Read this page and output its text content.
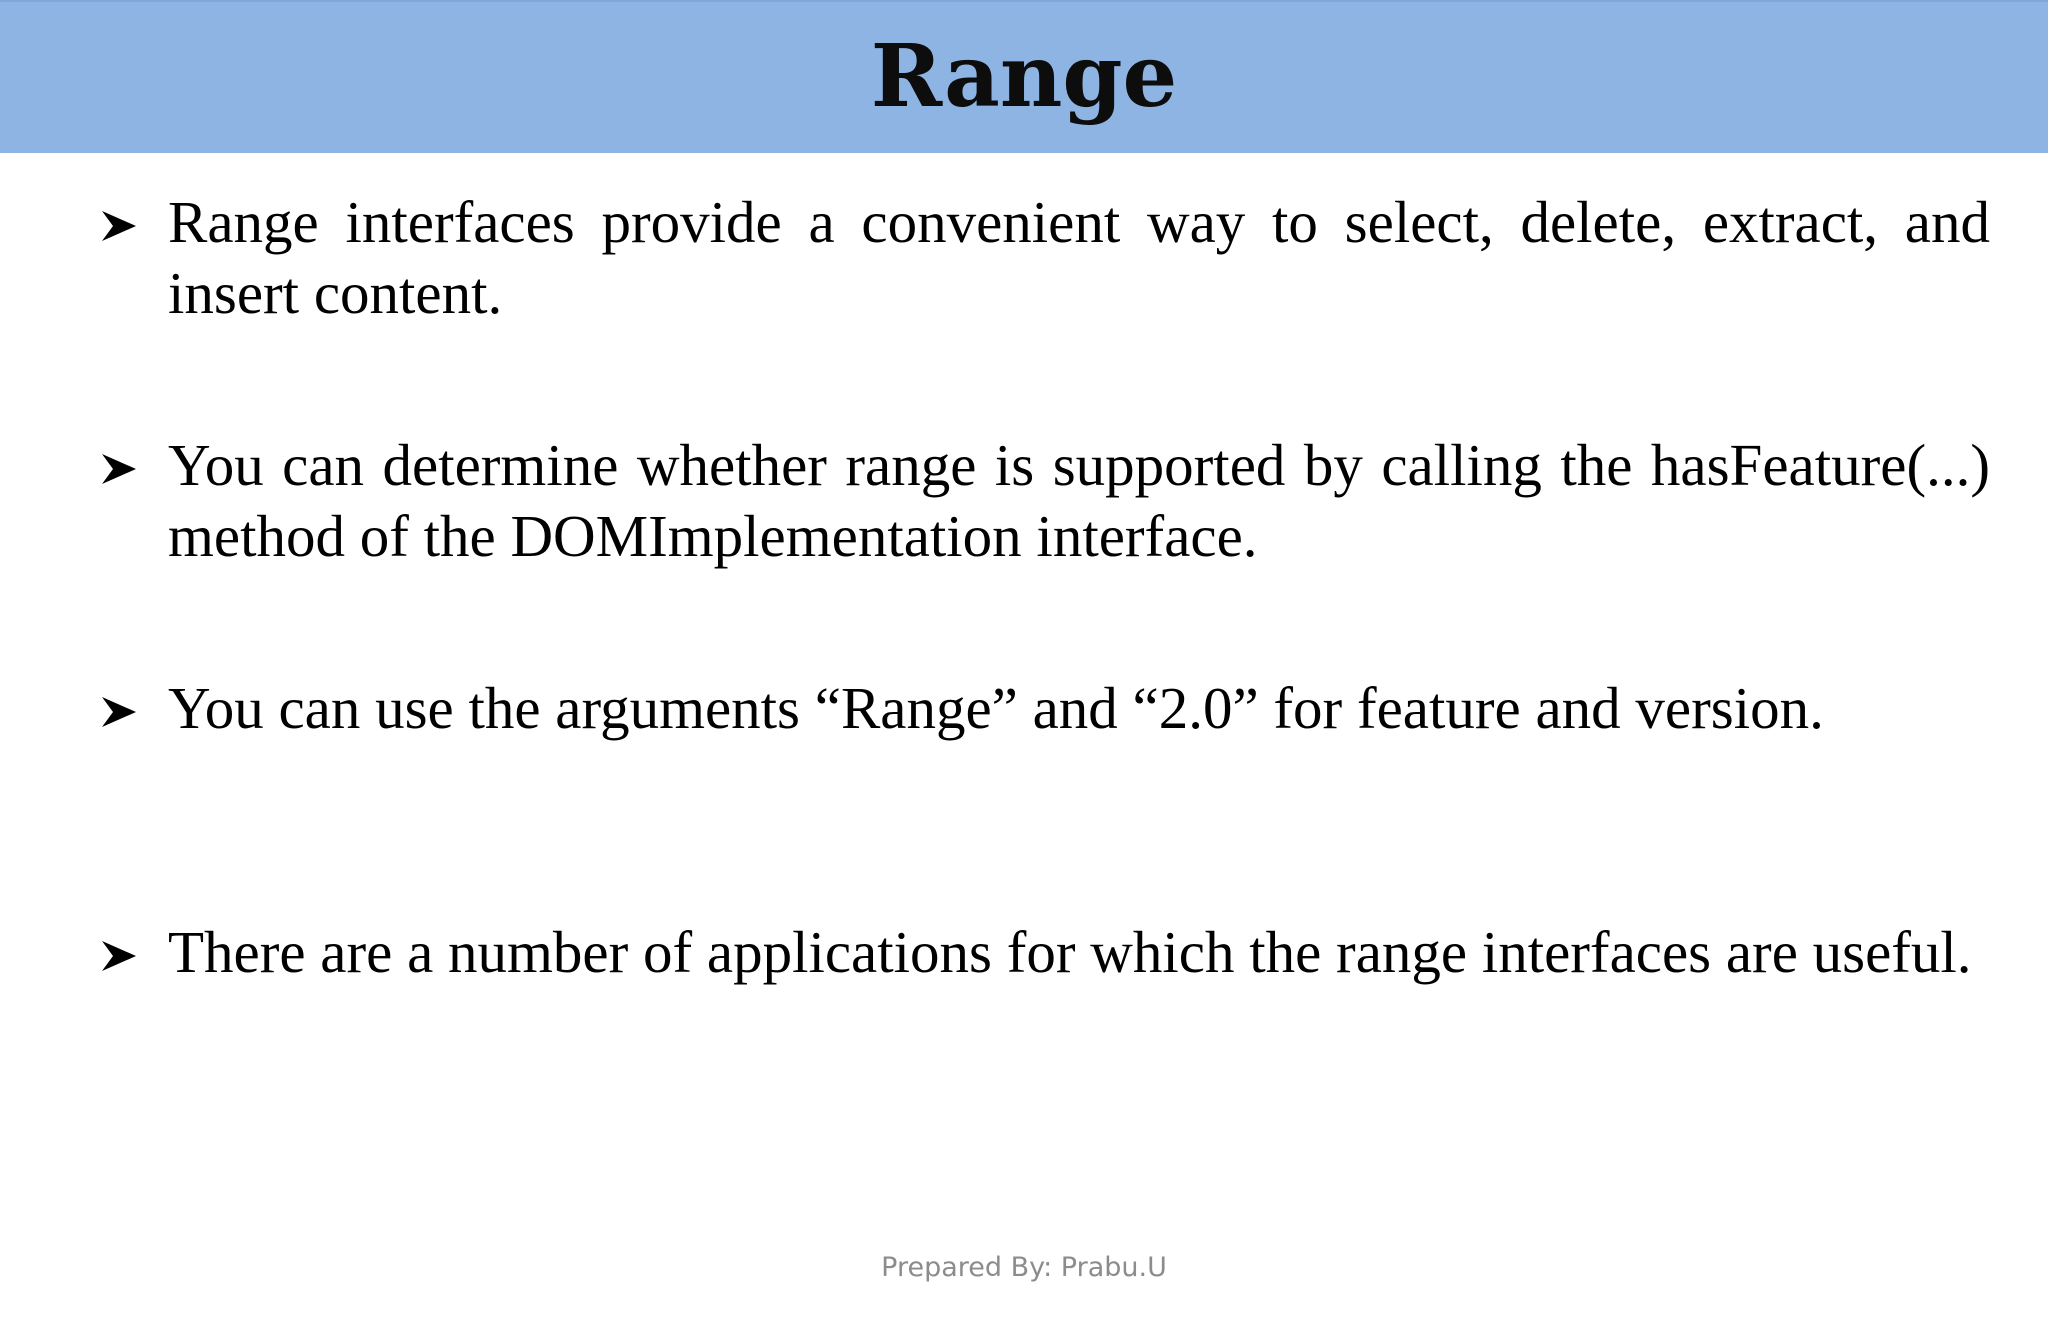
Range

Range interfaces provide a convenient way to select, delete, extract, and insert content.

You can determine whether range is supported by calling the hasFeature(...) method of the DOMImplementation interface.

You can use the arguments “Range” and “2.0” for feature and version.

There are a number of applications for which the range interfaces are useful.

Prepared By: Prabu.U
